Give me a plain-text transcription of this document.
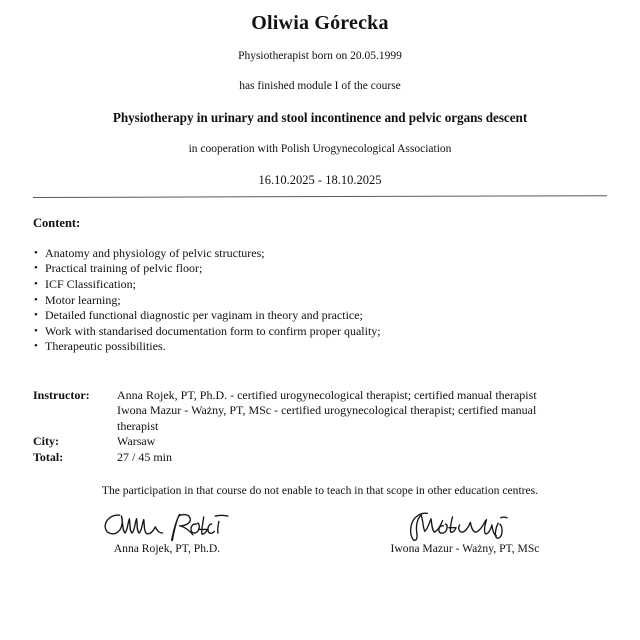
Oliwia Górecka
Physiotherapist born on 20.05.1999
has finished module I of the course
Physiotherapy in urinary and stool incontinence and pelvic organs descent
in cooperation with Polish Urogynecological Association
16.10.2025 - 18.10.2025
Content:
• Anatomy and physiology of pelvic structures;
• Practical training of pelvic floor;
• ICF Classification;
• Motor learning;
• Detailed functional diagnostic per vaginam in theory and practice;
• Work with standarised documentation form to confirm proper quality;
• Therapeutic possibilities.
Instructor:	Anna Rojek, PT, Ph.D. - certified urogynecological therapist; certified manual therapist
Iwona Mazur - Ważny, PT, MSc - certified urogynecological therapist; certified manual
therapist
City:	Warsaw
Total:	27 / 45 min
The participation in that course do not enable to teach in that scope in other education centres.
Anna Rojek, PT, Ph.D.	Iwona Mazur - Ważny, PT, MSc
